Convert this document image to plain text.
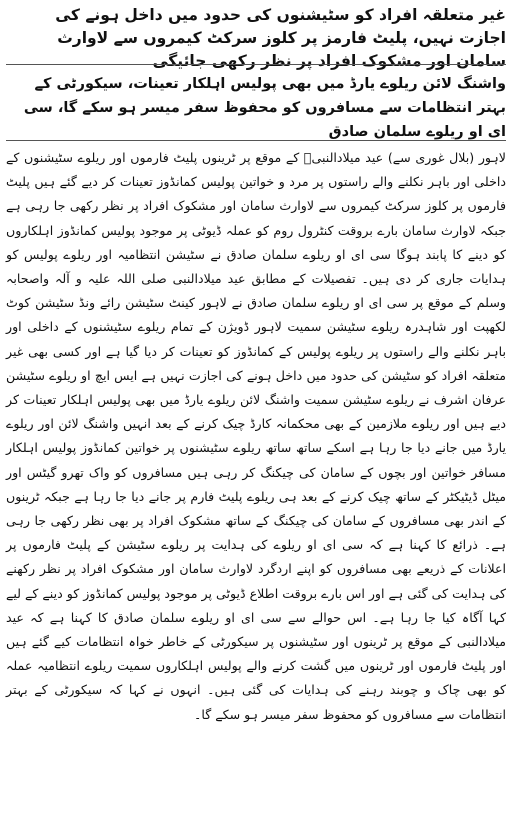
غیر متعلقہ افراد کو سٹیشنوں کی حدود میں داخل ہونے کی اجازت نہیں، پلیٹ فارمز پر کلوز سرکٹ کیمروں سے لاوارث سامان اور مشکوک افراد پر نظر رکھی جائیگی
واشنگ لائن ریلوے یارڈ میں بھی پولیس اہلکار تعینات، سیکورٹی کے بہتر انتظامات سے مسافروں کو محفوظ سفر میسر ہو سکے گا، سی ای او ریلوے سلمان صادق
لاہور (بلال غوری سے) عید میلادالنبیؐ کے موقع پر ٹرینوں پلیٹ فارموں اور ریلوے سٹیشنوں کے داخلی اور باہر نکلنے والے راستوں پر مرد و خواتین پولیس کمانڈوز تعینات کر دیے گئے ہیں پلیٹ فارموں پر کلوز سرکٹ کیمروں سے لاوارث سامان اور مشکوک افراد پر نظر رکھی جا رہی ہے جبکہ لاوارث سامان بارے بروقت کنٹرول روم کو عملہ ڈیوٹی پر موجود پولیس کمانڈوز اہلکاروں کو دینے کا پابند ہوگا سی ای او ریلوے سلمان صادق نے سٹیشن انتظامیہ اور ریلوے پولیس کو ہدایات جاری کر دی ہیں۔ تفصیلات کے مطابق عید میلادالنبی صلی اللہ علیہ و آلہ واصحابہ وسلم کے موقع پر سی ای او ریلوے سلمان صادق نے لاہور کینٹ سٹیشن رائے ونڈ سٹیشن کوٹ لکھپت اور شاہدرہ ریلوے سٹیشن سمیت لاہور ڈویژن کے تمام ریلوے سٹیشنوں کے داخلی اور باہر نکلنے والے راستوں پر ریلوے پولیس کے کمانڈوز کو تعینات کر دیا گیا ہے اور کسی بھی غیر متعلقہ افراد کو سٹیشن کی حدود میں داخل ہونے کی اجازت نہیں ہے ایس ایچ او ریلوے سٹیشن عرفان اشرف نے ریلوے سٹیشن سمیت واشنگ لائن ریلوے یارڈ میں بھی پولیس اہلکار تعینات کر دیے ہیں اور ریلوے ملازمین کے بھی محکمانہ کارڈ چیک کرنے کے بعد انہیں واشنگ لائن اور ریلوے یارڈ میں جانے دیا جا رہا ہے اسکے ساتھ ساتھ ریلوے سٹیشنوں پر خواتین کمانڈوز پولیس اہلکار مسافر خواتین اور بچوں کے سامان کی چیکنگ کر رہی ہیں مسافروں کو واک تھرو گیٹس اور میٹل ڈیٹیکٹر کے ساتھ چیک کرنے کے بعد ہی ریلوے پلیٹ فارم پر جانے دیا جا رہا ہے جبکہ ٹرینوں کے اندر بھی مسافروں کے سامان کی چیکنگ کے ساتھ مشکوک افراد پر بھی نظر رکھی جا رہی ہے۔ ذرائع کا کہنا ہے کہ سی ای او ریلوے کی ہدایت پر ریلوے سٹیشن کے پلیٹ فارموں پر اعلانات کے ذریعے بھی مسافروں کو اپنے اردگرد لاوارث سامان اور مشکوک افراد پر نظر رکھنے کی ہدایت کی گئی ہے اور اس بارے بروقت اطلاع ڈیوٹی پر موجود پولیس کمانڈوز کو دینے کے لیے کہا آگاہ کیا جا رہا ہے۔ اس حوالے سے سی ای او ریلوے سلمان صادق کا کہنا ہے کہ عید میلادالنبی کے موقع پر ٹرینوں اور سٹیشنوں پر سیکورٹی کے خاطر خواہ انتظامات کیے گئے ہیں اور پلیٹ فارموں اور ٹرینوں میں گشت کرنے والے پولیس اہلکاروں سمیت ریلوے انتظامیہ عملہ کو بھی چاک و چوبند رہنے کی ہدایات کی گئی ہیں۔ انہوں نے کہا کہ سیکورٹی کے بہتر انتظامات سے مسافروں کو محفوظ سفر میسر ہو سکے گا۔
